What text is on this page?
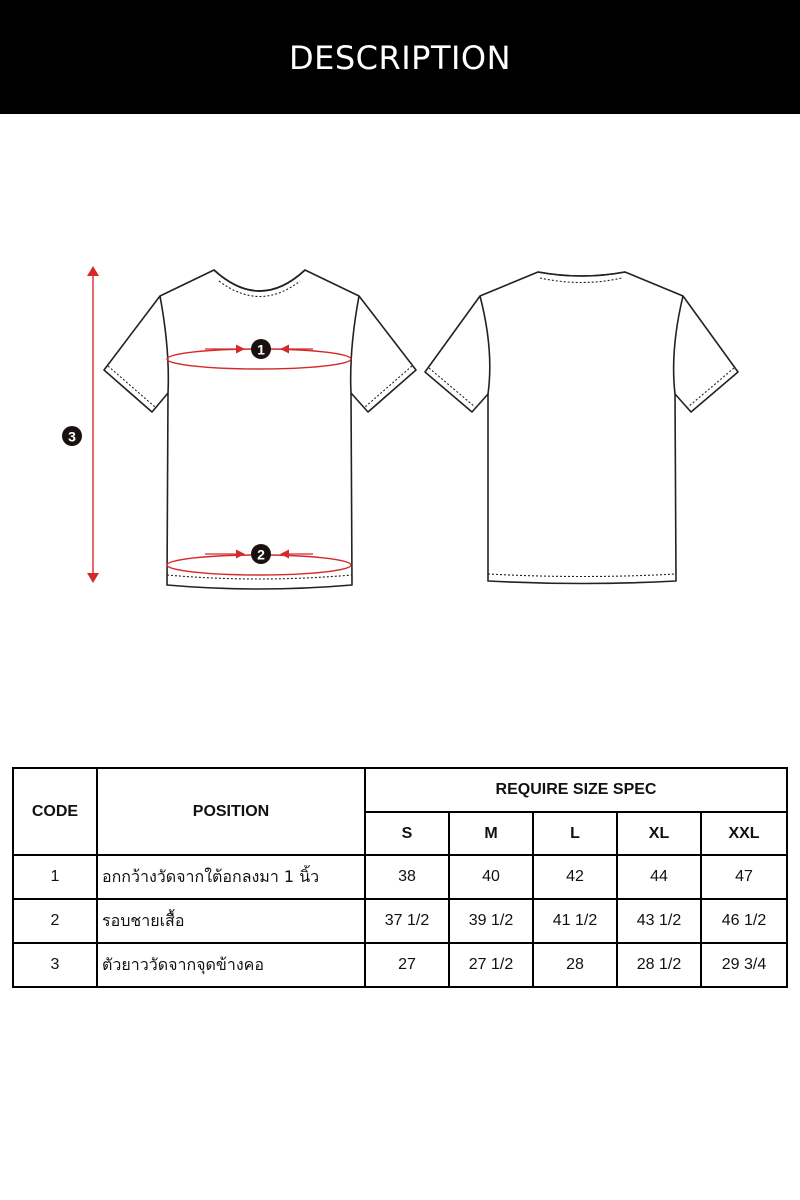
DESCRIPTION
1
2
3
CODE	POSITION	REQUIRE SIZE SPEC				
		S	M	L	XL	XXL
1	อกกว้างวัดจากใต้อกลงมา 1 นิ้ว	38	40	42	44	47
2	รอบชายเสื้อ	37 1/2	39 1/2	41 1/2	43 1/2	46 1/2
3	ตัวยาววัดจากจุดข้างคอ	27	27 1/2	28	28 1/2	29 3/4
